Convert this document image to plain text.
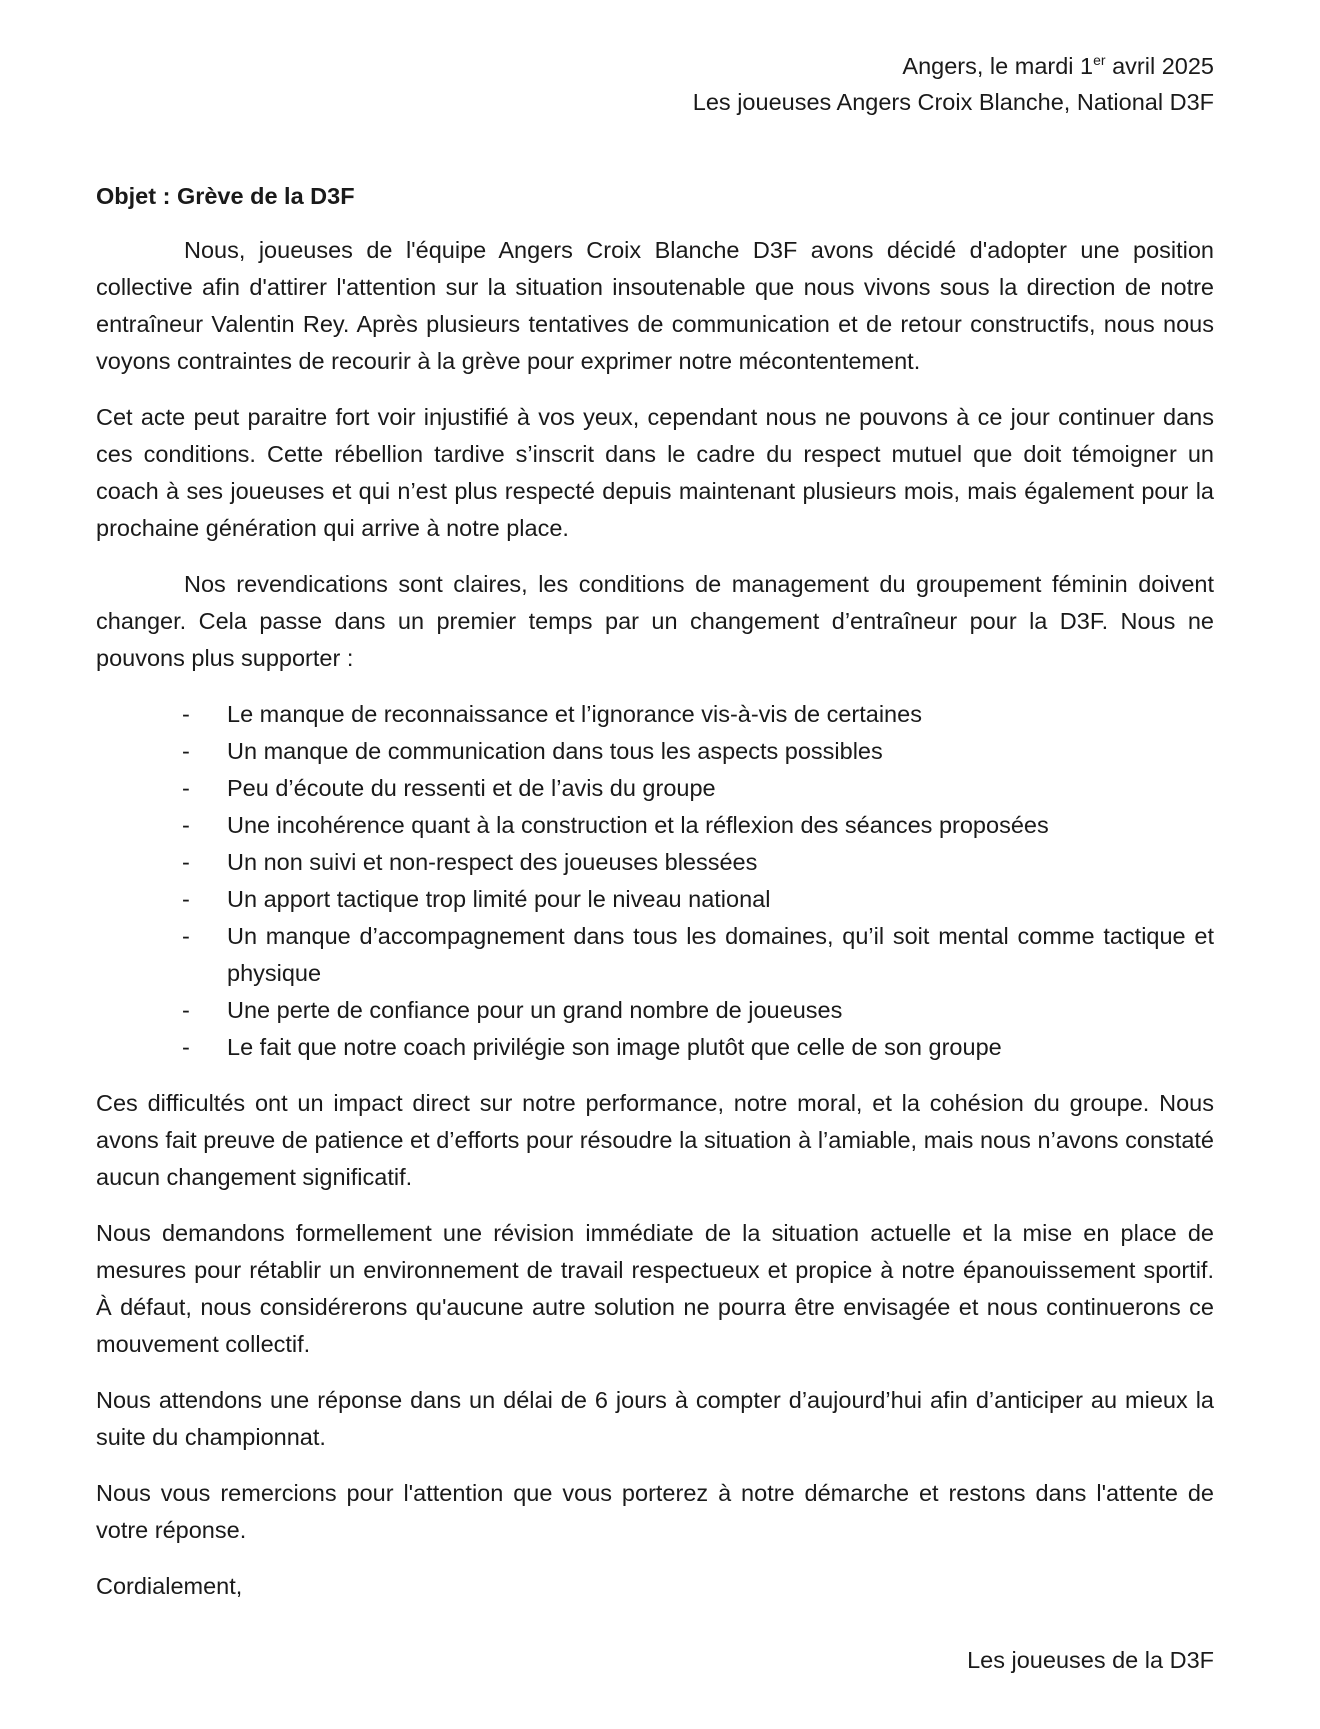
Angers, le mardi 1er avril 2025
Les joueuses Angers Croix Blanche, National D3F
Objet : Grève de la D3F

Nous, joueuses de l'équipe Angers Croix Blanche D3F avons décidé d'adopter une position collective afin d'attirer l'attention sur la situation insoutenable que nous vivons sous la direction de notre entraîneur Valentin Rey. Après plusieurs tentatives de communication et de retour constructifs, nous nous voyons contraintes de recourir à la grève pour exprimer notre mécontentement.

Cet acte peut paraitre fort voir injustifié à vos yeux, cependant nous ne pouvons à ce jour continuer dans ces conditions. Cette rébellion tardive s’inscrit dans le cadre du respect mutuel que doit témoigner un coach à ses joueuses et qui n’est plus respecté depuis maintenant plusieurs mois, mais également pour la prochaine génération qui arrive à notre place.

Nos revendications sont claires, les conditions de management du groupement féminin doivent changer. Cela passe dans un premier temps par un changement d’entraîneur pour la D3F. Nous ne pouvons plus supporter :

- Le manque de reconnaissance et l’ignorance vis-à-vis de certaines
- Un manque de communication dans tous les aspects possibles
- Peu d’écoute du ressenti et de l’avis du groupe
- Une incohérence quant à la construction et la réflexion des séances proposées
- Un non suivi et non-respect des joueuses blessées
- Un apport tactique trop limité pour le niveau national
- Un manque d’accompagnement dans tous les domaines, qu’il soit mental comme tactique et physique
- Une perte de confiance pour un grand nombre de joueuses
- Le fait que notre coach privilégie son image plutôt que celle de son groupe

Ces difficultés ont un impact direct sur notre performance, notre moral, et la cohésion du groupe. Nous avons fait preuve de patience et d’efforts pour résoudre la situation à l’amiable, mais nous n’avons constaté aucun changement significatif.

Nous demandons formellement une révision immédiate de la situation actuelle et la mise en place de mesures pour rétablir un environnement de travail respectueux et propice à notre épanouissement sportif. À défaut, nous considérerons qu'aucune autre solution ne pourra être envisagée et nous continuerons ce mouvement collectif.

Nous attendons une réponse dans un délai de 6 jours à compter d’aujourd’hui afin d’anticiper au mieux la suite du championnat.

Nous vous remercions pour l'attention que vous porterez à notre démarche et restons dans l'attente de votre réponse.

Cordialement,
Les joueuses de la D3F
